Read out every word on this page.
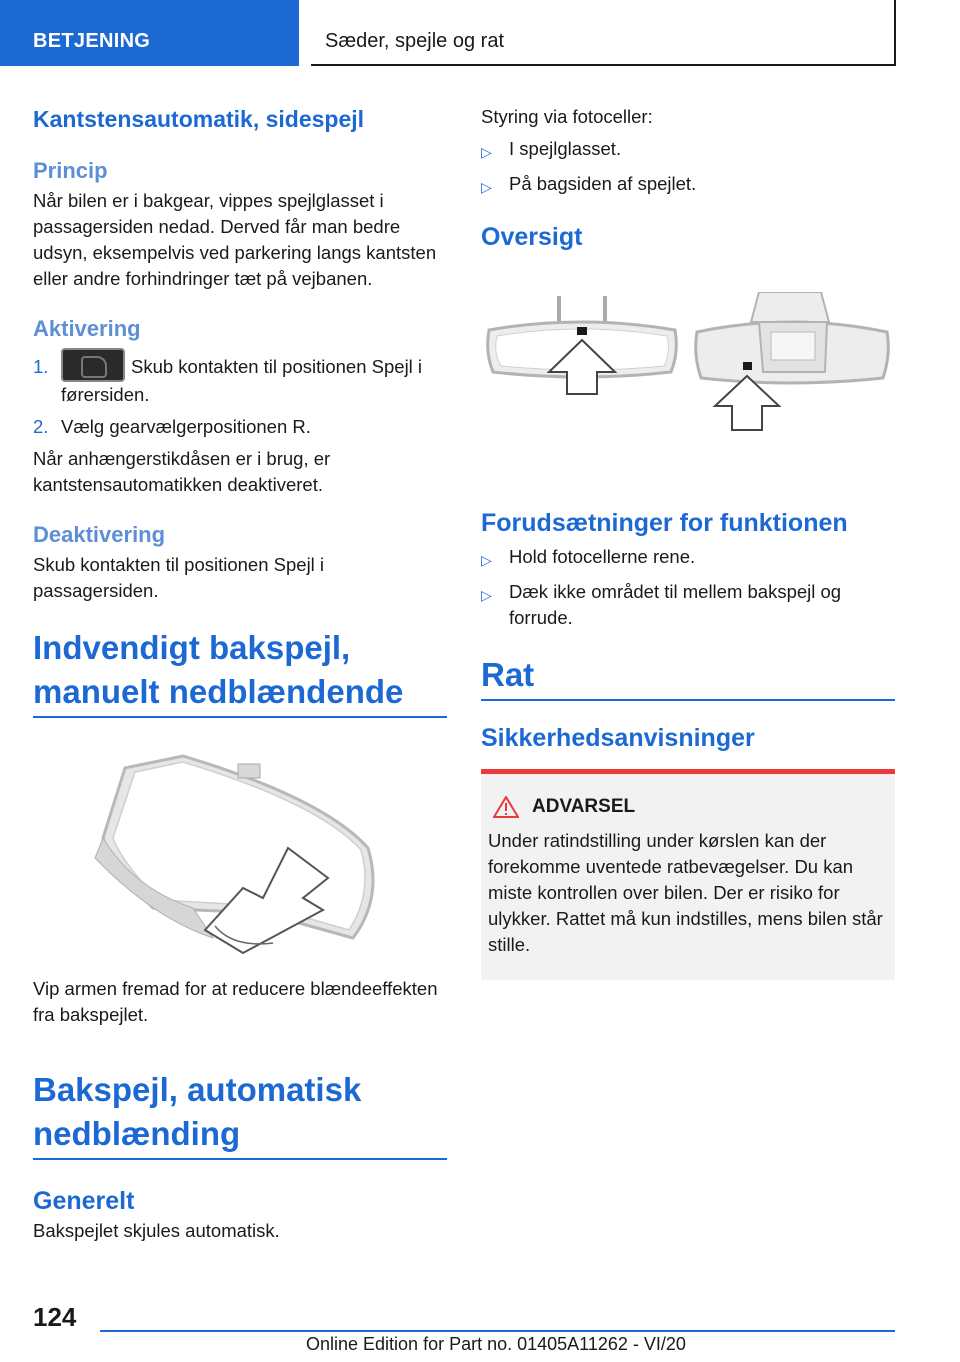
BETJENING	Sæder, spejle og rat
Kantstensautomatik, sidespejl
Princip

Når bilen er i bakgear, vippes spejlglasset i passagersiden nedad. Derved får man bedre udsyn, eksempelvis ved parkering langs kantsten eller andre forhindringer tæt på vejbanen.

Aktivering
1.	Skub kontakten til positionen Spejl i førersiden.
2. Vælg gearvælgerpositionen R.

Når anhængerstikdåsen er i brug, er kantstensautomatikken deaktiveret.

Deaktivering

Skub kontakten til positionen Spejl i passagersiden.

Indvendigt bakspejl, manuelt nedblændende

Vip armen fremad for at reducere blændeeffekten fra bakspejlet.

Bakspejl, automatisk nedblænding
Generelt

Bakspejlet skjules automatisk.

Styring via fotoceller:

▷ I spejlglasset.
▷ På bagsiden af spejlet.
Oversigt
Forudsætninger for funktionen
▷ Hold fotocellerne rene.
▷ Dæk ikke området til mellem bakspejl og forrude.
Rat
Sikkerhedsanvisninger
ADVARSEL

Under ratindstilling under kørslen kan der forekomme uventede ratbevægelser. Du kan miste kontrollen over bilen. Der er risiko for ulykker. Rattet må kun indstilles, mens bilen står stille.

124
Online Edition for Part no. 01405A11262 - VI/20
